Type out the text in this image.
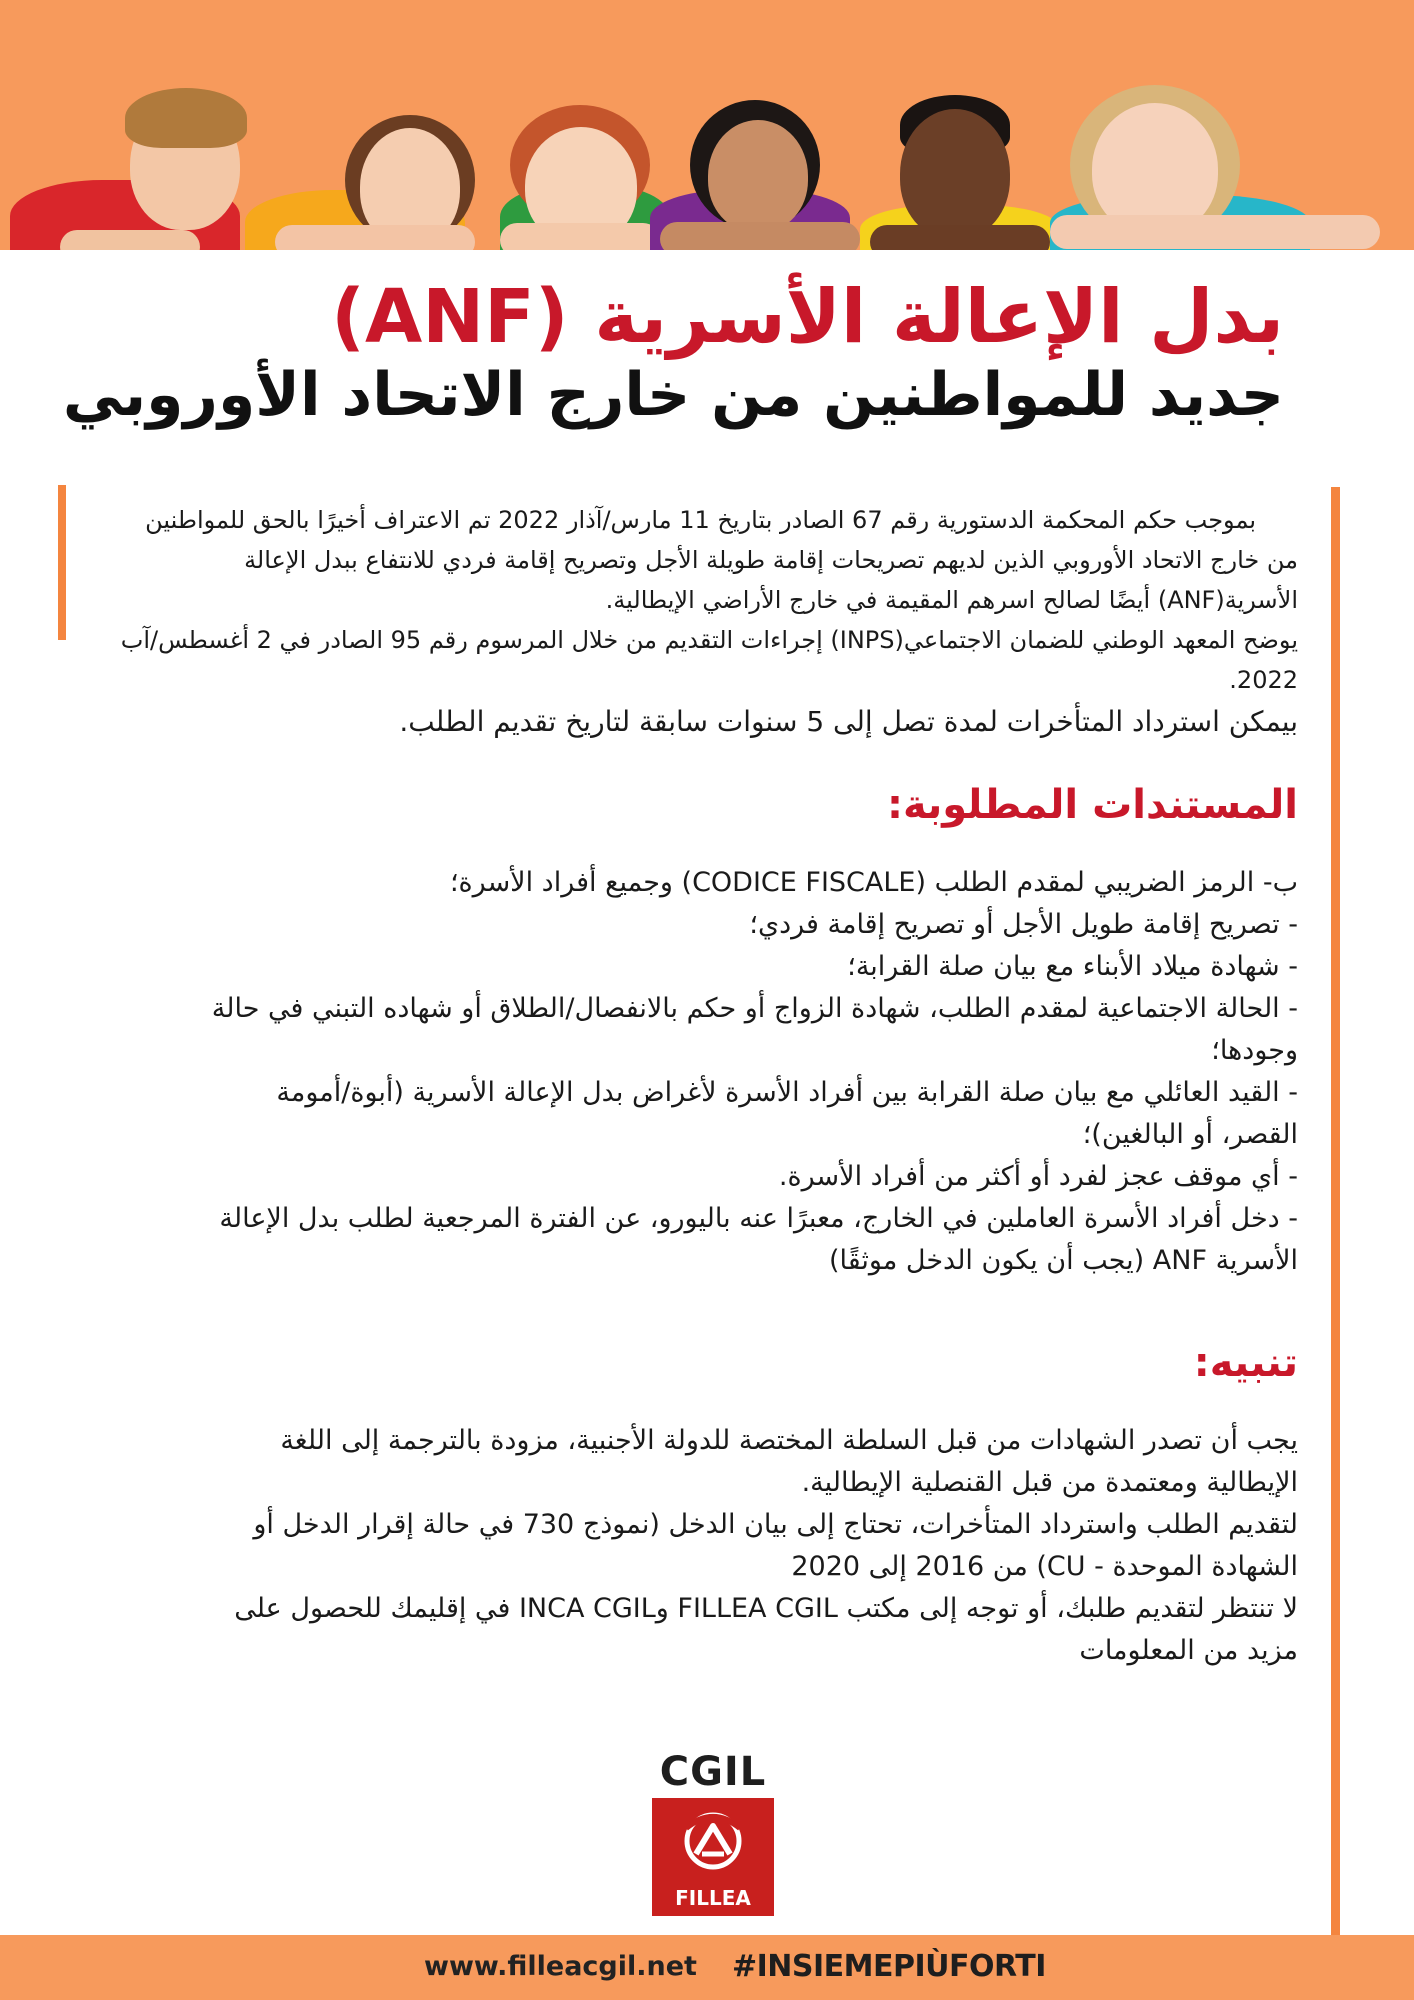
بدل الإعالة الأسرية (ANF)
جديد للمواطنين من خارج الاتحاد الأوروبي

بموجب حكم المحكمة الدستورية رقم 67 الصادر بتاريخ 11 مارس/آذار 2022 تم الاعتراف أخيرًا بالحق للمواطنين من خارج الاتحاد الأوروبي الذين لديهم تصريحات إقامة طويلة الأجل وتصريح إقامة فردي للانتفاع ببدل الإعالة الأسرية(ANF) أيضًا لصالح اسرهم المقيمة في خارج الأراضي الإيطالية.

يوضح المعهد الوطني للضمان الاجتماعي(INPS) إجراءات التقديم من خلال المرسوم رقم 95 الصادر في 2 أغسطس/آب 2022.

بيمكن استرداد المتأخرات لمدة تصل إلى 5 سنوات سابقة لتاريخ تقديم الطلب.

المستندات المطلوبة:
ب- الرمز الضريبي لمقدم الطلب (CODICE FISCALE) وجميع أفراد الأسرة؛
- تصريح إقامة طويل الأجل أو تصريح إقامة فردي؛
- شهادة ميلاد الأبناء مع بيان صلة القرابة؛
- الحالة الاجتماعية لمقدم الطلب، شهادة الزواج أو حكم بالانفصال/الطلاق أو شهاده التبني في حالة وجودها؛
- القيد العائلي مع بيان صلة القرابة بين أفراد الأسرة لأغراض بدل الإعالة الأسرية (أبوة/أمومة القصر، أو البالغين)؛
- أي موقف عجز لفرد أو أكثر من أفراد الأسرة.
- دخل أفراد الأسرة العاملين في الخارج، معبرًا عنه باليورو، عن الفترة المرجعية لطلب بدل الإعالة الأسرية ANF (يجب أن يكون الدخل موثقًا)
تنبيه:

يجب أن تصدر الشهادات من قبل السلطة المختصة للدولة الأجنبية، مزودة بالترجمة إلى اللغة الإيطالية ومعتمدة من قبل القنصلية الإيطالية.

لتقديم الطلب واسترداد المتأخرات، تحتاج إلى بيان الدخل (نموذج 730 في حالة إقرار الدخل أو الشهادة الموحدة - CU) من 2016 إلى 2020

لا تنتظر لتقديم طلبك، أو توجه إلى مكتب FILLEA CGIL وINCA CGIL في إقليمك للحصول على مزيد من المعلومات

CGIL
FILLEA
www.filleacgil.net #INSIEMEPIÙFORTI
